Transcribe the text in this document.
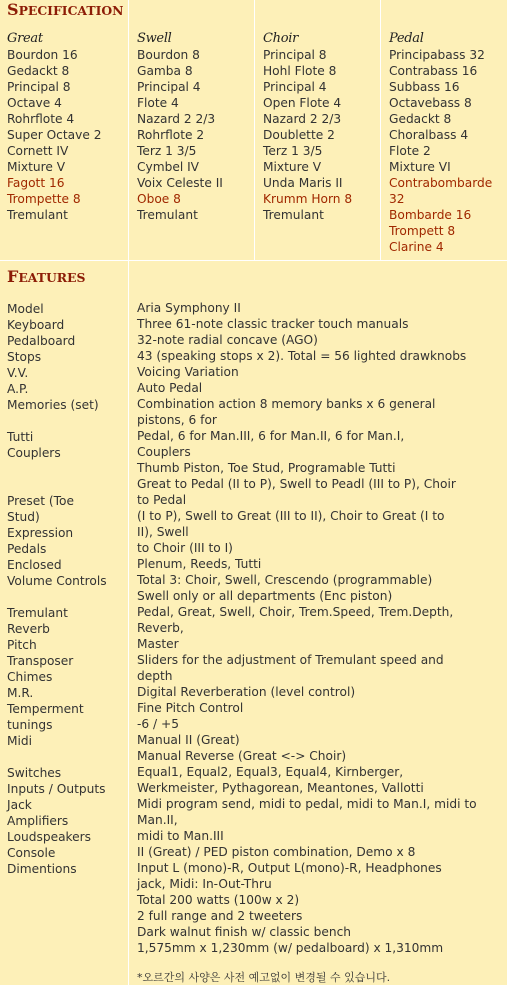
SPECIFICATION
Great
Bourdon 16
Gedackt 8
Principal 8
Octave 4
Rohrflote 4
Super Octave 2
Cornett IV
Mixture V
Fagott 16
Trompette 8
Tremulant
Swell
Bourdon 8
Gamba 8
Principal 4
Flote 4
Nazard 2 2/3
Rohrflote 2
Terz 1 3/5
Cymbel IV
Voix Celeste II
Oboe 8
Tremulant
Choir
Principal 8
Hohl Flote 8
Principal 4
Open Flote 4
Nazard 2 2/3
Doublette 2
Terz 1 3/5
Mixture V
Unda Maris II
Krumm Horn 8
Tremulant
Pedal
Principabass 32
Contrabass 16
Subbass 16
Octavebass 8
Gedackt 8
Choralbass 4
Flote 2
Mixture VI
Contrabombarde
32
Bombarde 16
Trompett 8
Clarine 4
FEATURES
Model
Keyboard
Pedalboard
Stops
V.V.
A.P.
Memories (set)

Tutti
Couplers

Preset (Toe
Stud)
Expression
Pedals
Enclosed
Volume Controls

Tremulant
Reverb
Pitch
Transposer
Chimes
M.R.
Temperment
tunings
Midi

Switches
Inputs / Outputs
Jack
Amplifiers
Loudspeakers
Console
Dimentions
Aria Symphony II
Three 61-note classic tracker touch manuals
32-note radial concave (AGO)
43 (speaking stops x 2). Total = 56 lighted drawknobs
Voicing Variation
Auto Pedal
Combination action 8 memory banks x 6 general
pistons, 6 for
Pedal, 6 for Man.III, 6 for Man.II, 6 for Man.I,
Couplers
Thumb Piston, Toe Stud, Programable Tutti
Great to Pedal (II to P), Swell to Peadl (III to P), Choir
to Pedal
(I to P), Swell to Great (III to II), Choir to Great (I to
II), Swell
to Choir (III to I)
Plenum, Reeds, Tutti
Total 3: Choir, Swell, Crescendo (programmable)
Swell only or all departments (Enc piston)
Pedal, Great, Swell, Choir, Trem.Speed, Trem.Depth,
Reverb,
Master
Sliders for the adjustment of Tremulant speed and
depth
Digital Reverberation (level control)
Fine Pitch Control
-6 / +5
Manual II (Great)
Manual Reverse (Great <-> Choir)
Equal1, Equal2, Equal3, Equal4, Kirnberger,
Werkmeister, Pythagorean, Meantones, Vallotti
Midi program send, midi to pedal, midi to Man.I, midi to
Man.II,
midi to Man.III
II (Great) / PED piston combination, Demo x 8
Input L (mono)-R, Output L(mono)-R, Headphones
jack, Midi: In-Out-Thru
Total 200 watts (100w x 2)
2 full range and 2 tweeters
Dark walnut finish w/ classic bench
1,575mm x 1,230mm (w/ pedalboard) x 1,310mm
*오르간의 사양은 사전 예고없이 변경될 수 있습니다.
